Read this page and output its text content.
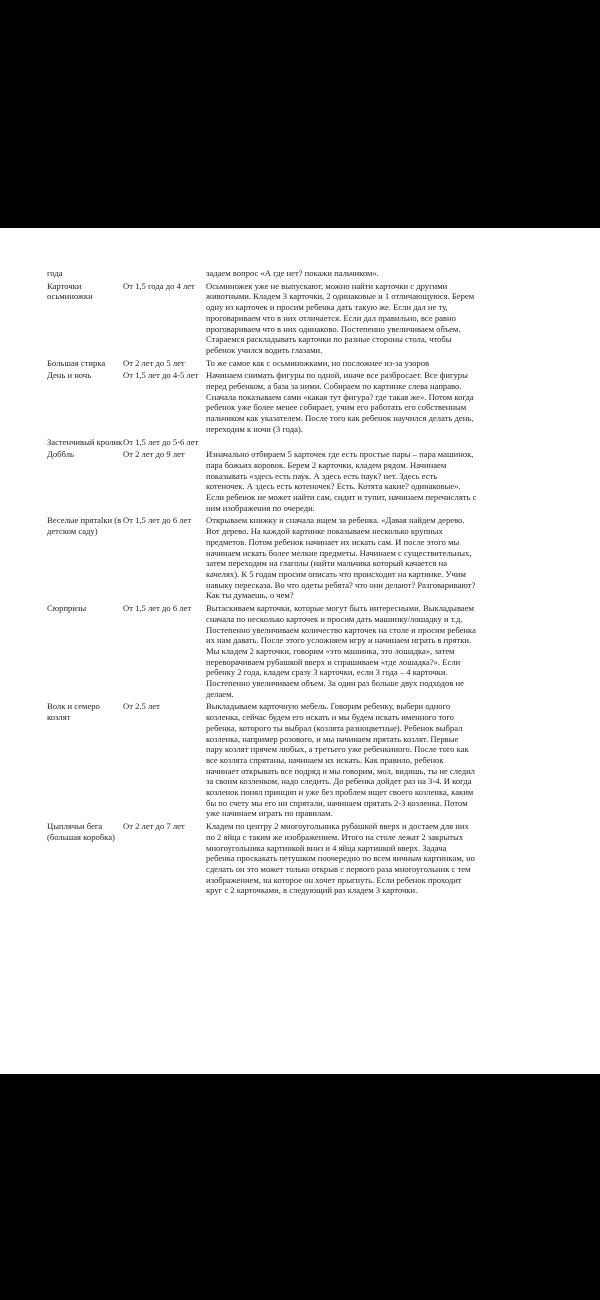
года		задаем вопрос «А где нет? покажи пальчиком».
Карточки осьминожки	От 1,5 года до 4 лет	Осьминожек уже не выпускают, можно найти карточки с другими животными. Кладем 3 карточки, 2 одинаковые и 1 отличающуюся. Берем одну из карточек и просим ребенка дать такую же. Если дал не ту, проговариваем что в них отличается. Если дал правильно, все равно проговариваем что в них одинаково. Постепенно увеличиваем объем. Стараемся раскладывать карточки по разные стороны стола, чтобы ребенок учился водить глазами.
Большая стирка	От 2 лет до 5 лет	То же самое как с осьминожками, но посложнее из-за узоров
День и ночь	От 1,5 лет до 4-5 лет	Начинаем снимать фигуры по одной, иначе все разбросает. Все фигуры перед ребенком, а база за ними. Собираем по картинке слева направо. Сначала показываем сами «какая тут фигура? где такая же». Потом когда ребенок уже более менее собирает, учим его работать его собственным пальчиком как указателем. После того как ребенок научился делать день, переходим к ночи (3 года).
Застенчивый кролик	От 1,5 лет до 5-6 лет	
Доббль	От 2 лет до 9 лет	Изначально отбираем 5 карточек где есть простые пары – пара машинок, пара божьих коровок. Берем 2 карточки, кладем рядом. Начинаем показывать «здесь есть паук. А здесь есть паук? нет. Здесь есть котеночек. А здесь есть котеночек? Есть. Котята какие? одинаковые». Если ребенок не может найти сам, сидит и тупит, начинаем перечислять с ним изображения по очереди.
Веселые прятalки (в детском саду)	От 1,5 лет до 6 лет	Открываем книжку и сначала ищем за ребенка. «Давая найдем дерево. Вот дерево. На каждой картинке показываем несколько крупных предметов. Потом ребенок начинает их искать сам. И после этого мы начинаем искать более мелкие предметы. Начинаем с существительных, затем переходим на глаголы (найти мальчика который качается на качелях). К 5 годам просим описать что происходит на картинке. Учим навыку пересказа. Во что одеты ребята? что они делают? Разговаривают? Как ты думаешь, о чем?
Сюрпризы	От 1,5 лет до 6 лет	Вытаскиваем карточки, которые могут быть интересными. Выкладываем сначала по несколько карточек и просим дать машинку/лошадку и т.д. Постепенно увеличиваем количество карточек на столе и просим ребенка их нам давать. После этого усложняем игру и начинаем играть в прятки. Мы кладем 2 карточки, говорим «это машинка, это лошадка», затем переворачиваем рубашкой вверх и спрашиваем «где лошадка?». Если ребенку 2 года, кладем сразу 3 карточки, если 3 года – 4 карточки. Постепенно увеличиваем объем. За один раз больше двух подходов не делаем.
Волк и семеро козлят	От 2.5 лет	Выкладываем карточную мебель. Говорим ребенку, выбери одного козленка, сейчас будем его искать и мы будем искать именного того ребенка, которого ты выбрал (козлята разноцветные). Ребенок выбрал козленка, например розового, и мы начинаем прятать козлят. Первые пару козлят прячем любых, а третьего уже ребенкиного. После того как все козлята спрятаны, начинаем их искать. Как правило, ребенок начинает открывать все подряд и мы говорим, мол, видишь, ты не следил за своим козленком, надо следить. До ребенка дойдет раз на 3-4. И когда козленок понял принцип и уже без проблем ищет своего козленка, каким бы по счету мы его ни спрятали, начинаем прятать 2-3 козленка. Потом уже начинаем играть по правилам.
Цыплячьи бега (большая коробка)	От 2 лет до 7 лет	Кладем по центру 2 многоугольника рубашкой вверх и достаем для них по 2 яйца с таким же изображением. Итого на столе лежат 2 закрытых многоугольника картинкой вниз и 4 яйца картинкой вверх. Задача ребенка проскакать петушком поочередно по всем яичным картинкам, но сделать он это может только открыв с первого раза многоугольник с тем изображением, на которое он хочет прыгнуть. Если ребенок проходит круг с 2 карточками, в следующий раз кладем 3 карточки.
